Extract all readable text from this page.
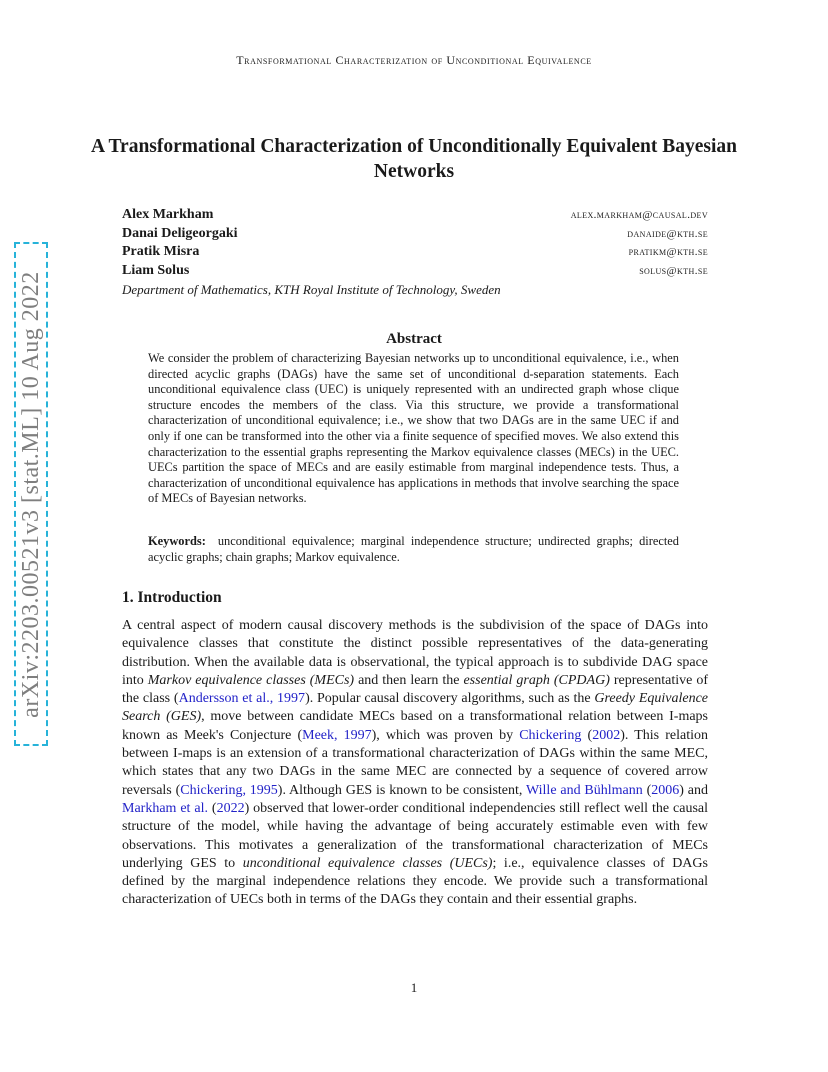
Transformational Characterization of Unconditional Equivalence
arXiv:2203.00521v3 [stat.ML] 10 Aug 2022
A Transformational Characterization of Unconditionally Equivalent Bayesian Networks
Alex Markham	alex.markham@causal.dev
Danai Deligeorgaki	danaide@kth.se
Pratik Misra	pratikm@kth.se
Liam Solus	solus@kth.se
Department of Mathematics, KTH Royal Institute of Technology, Sweden
Abstract
We consider the problem of characterizing Bayesian networks up to unconditional equivalence, i.e., when directed acyclic graphs (DAGs) have the same set of unconditional d-separation statements. Each unconditional equivalence class (UEC) is uniquely represented with an undirected graph whose clique structure encodes the members of the class. Via this structure, we provide a transformational characterization of unconditional equivalence; i.e., we show that two DAGs are in the same UEC if and only if one can be transformed into the other via a finite sequence of specified moves. We also extend this characterization to the essential graphs representing the Markov equivalence classes (MECs) in the UEC. UECs partition the space of MECs and are easily estimable from marginal independence tests. Thus, a characterization of unconditional equivalence has applications in methods that involve searching the space of MECs of Bayesian networks.
Keywords: unconditional equivalence; marginal independence structure; undirected graphs; directed acyclic graphs; chain graphs; Markov equivalence.
1. Introduction
A central aspect of modern causal discovery methods is the subdivision of the space of DAGs into equivalence classes that constitute the distinct possible representatives of the data-generating distribution. When the available data is observational, the typical approach is to subdivide DAG space into Markov equivalence classes (MECs) and then learn the essential graph (CPDAG) representative of the class (Andersson et al., 1997). Popular causal discovery algorithms, such as the Greedy Equivalence Search (GES), move between candidate MECs based on a transformational relation between I-maps known as Meek's Conjecture (Meek, 1997), which was proven by Chickering (2002). This relation between I-maps is an extension of a transformational characterization of DAGs within the same MEC, which states that any two DAGs in the same MEC are connected by a sequence of covered arrow reversals (Chickering, 1995). Although GES is known to be consistent, Wille and Bühlmann (2006) and Markham et al. (2022) observed that lower-order conditional independencies still reflect well the causal structure of the model, while having the advantage of being accurately estimable even with few observations. This motivates a generalization of the transformational characterization of MECs underlying GES to unconditional equivalence classes (UECs); i.e., equivalence classes of DAGs defined by the marginal independence relations they encode. We provide such a transformational characterization of UECs both in terms of the DAGs they contain and their essential graphs.
1
